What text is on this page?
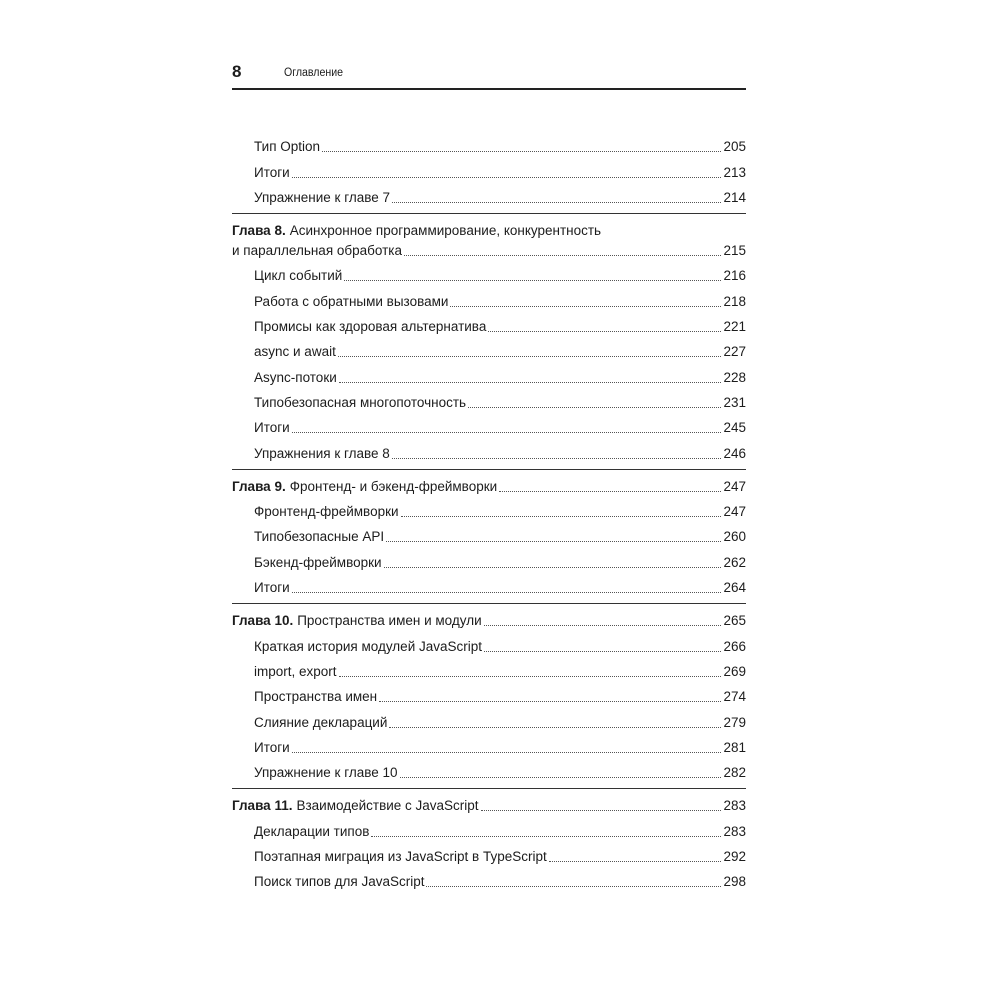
8	Оглавление
Тип Option	205
Итоги	213
Упражнение к главе 7	214
Глава 8. Асинхронное программирование, конкурентность
и параллельная обработка	215
Цикл событий	216
Работа с обратными вызовами	218
Промисы как здоровая альтернатива	221
async и await	227
Async-потоки	228
Типобезопасная многопоточность	231
Итоги	245
Упражнения к главе 8	246
Глава 9. Фронтенд- и бэкенд-фреймворки	247
Фронтенд-фреймворки	247
Типобезопасные API	260
Бэкенд-фреймворки	262
Итоги	264
Глава 10. Пространства имен и модули	265
Краткая история модулей JavaScript	266
import, export	269
Пространства имен	274
Слияние деклараций	279
Итоги	281
Упражнение к главе 10	282
Глава 11. Взаимодействие с JavaScript	283
Декларации типов	283
Поэтапная миграция из JavaScript в TypeScript	292
Поиск типов для JavaScript	298
